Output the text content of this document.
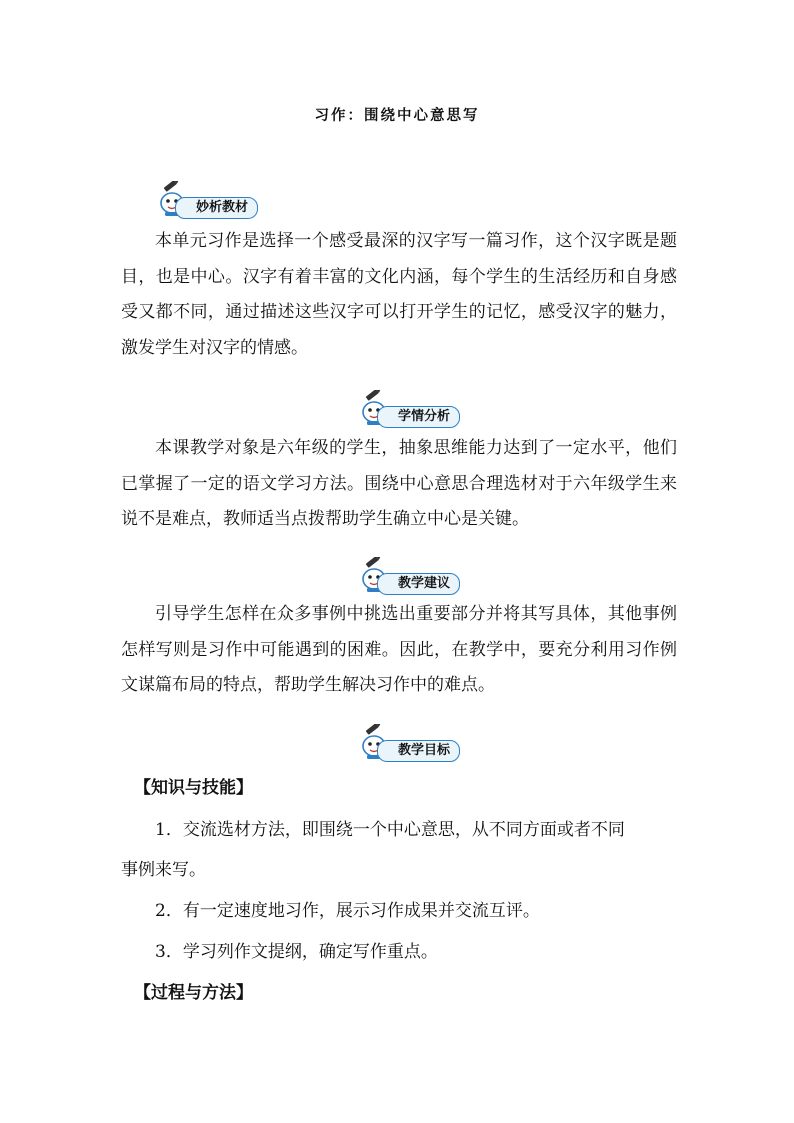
习作：围绕中心意思写
妙析教材

本单元习作是选择一个感受最深的汉字写一篇习作，这个汉字既是题目，也是中心。汉字有着丰富的文化内涵，每个学生的生活经历和自身感受又都不同，通过描述这些汉字可以打开学生的记忆，感受汉字的魅力，激发学生对汉字的情感。

学情分析

本课教学对象是六年级的学生，抽象思维能力达到了一定水平，他们已掌握了一定的语文学习方法。围绕中心意思合理选材对于六年级学生来说不是难点，教师适当点拨帮助学生确立中心是关键。

教学建议

引导学生怎样在众多事例中挑选出重要部分并将其写具体，其他事例怎样写则是习作中可能遇到的困难。因此，在教学中，要充分利用习作例文谋篇布局的特点，帮助学生解决习作中的难点。

教学目标

【知识与技能】

1．交流选材方法，即围绕一个中心意思，从不同方面或者不同

事例来写。

2．有一定速度地习作，展示习作成果并交流互评。

3．学习列作文提纲，确定写作重点。

【过程与方法】
